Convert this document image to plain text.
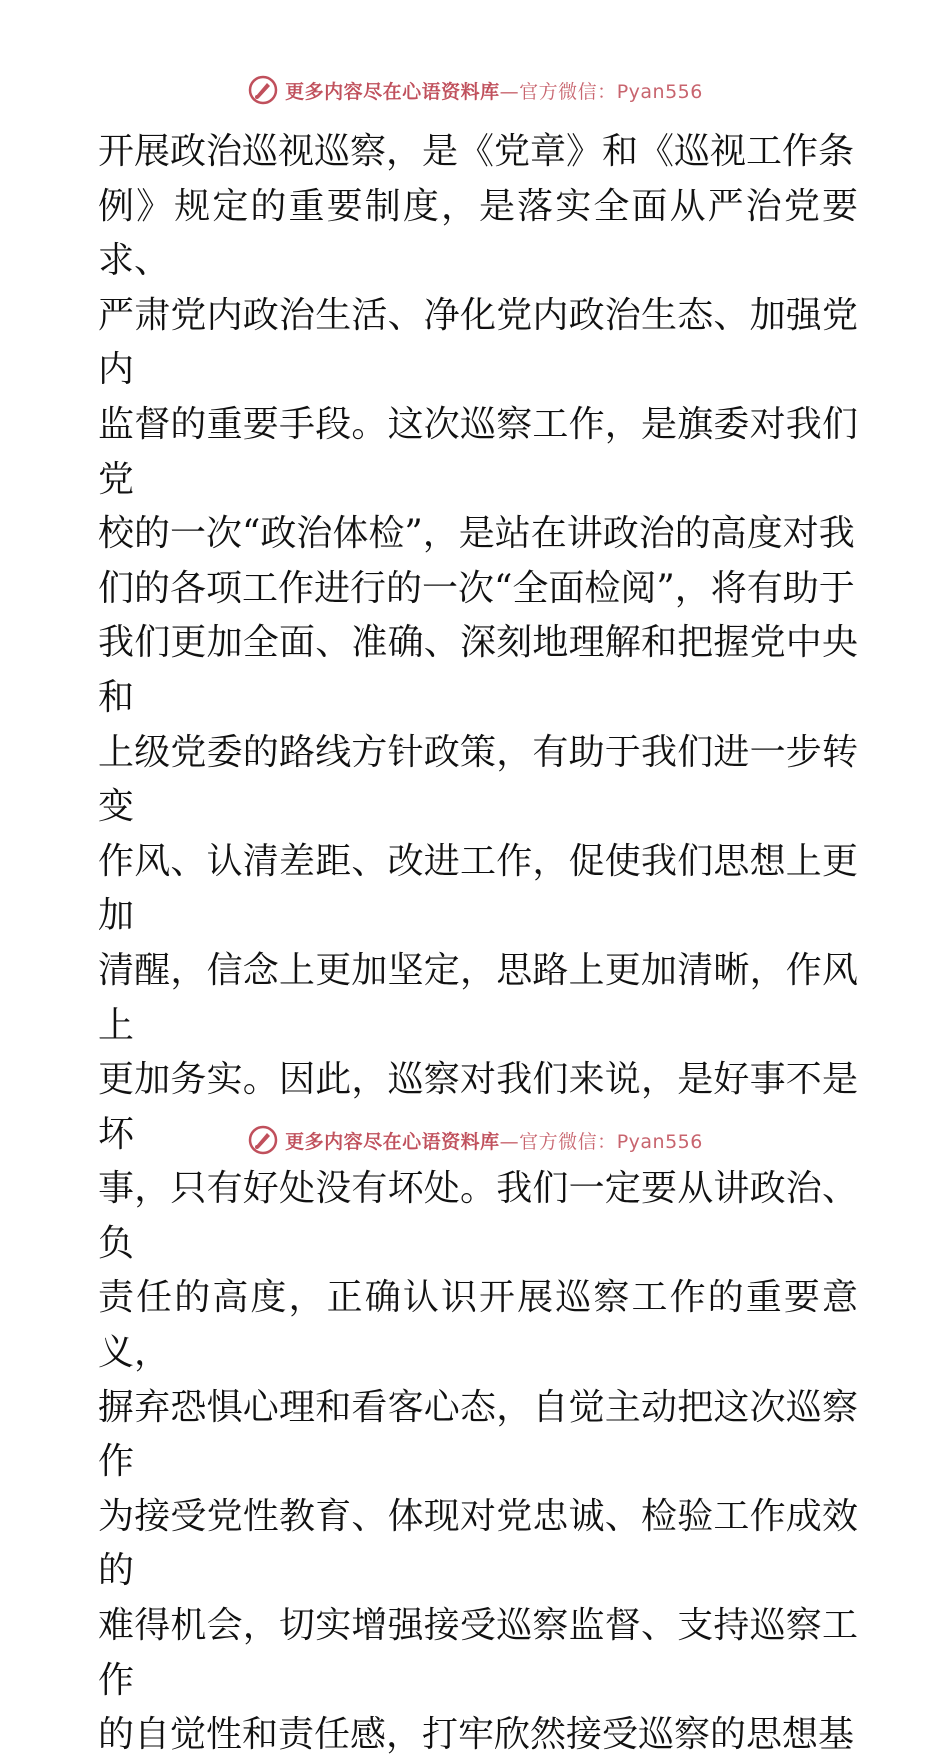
更多内容尽在心语资料库—官方微信：Pyan556

开展政治巡视巡察，是《党章》和《巡视工作条

例》规定的重要制度，是落实全面从严治党要求、

严肃党内政治生活、净化党内政治生态、加强党内

监督的重要手段。这次巡察工作，是旗委对我们党

校的一次“政治体检”，是站在讲政治的高度对我

们的各项工作进行的一次“全面检阅”，将有助于

我们更加全面、准确、深刻地理解和把握党中央和

上级党委的路线方针政策，有助于我们进一步转变

作风、认清差距、改进工作，促使我们思想上更加

清醒，信念上更加坚定，思路上更加清晰，作风上

更加务实。因此，巡察对我们来说，是好事不是坏

事，只有好处没有坏处。我们一定要从讲政治、负

责任的高度，正确认识开展巡察工作的重要意义，

摒弃恐惧心理和看客心态，自觉主动把这次巡察作

为接受党性教育、体现对党忠诚、检验工作成效的

难得机会，切实增强接受巡察监督、支持巡察工作

的自觉性和责任感，打牢欣然接受巡察的思想基

更多内容尽在心语资料库—官方微信：Pyan556
